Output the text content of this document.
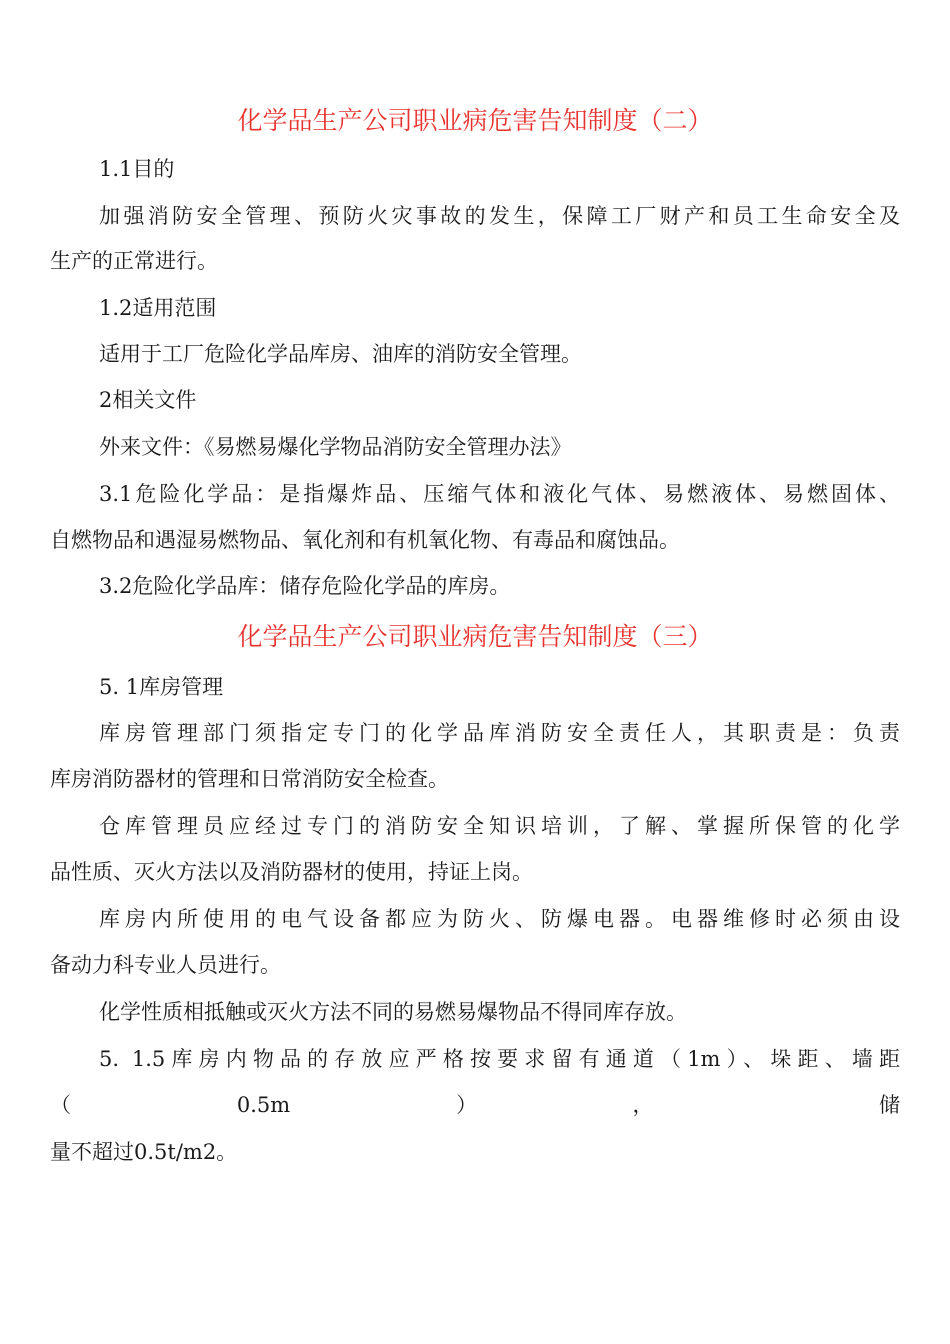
化学品生产公司职业病危害告知制度（二）
1.1目的
加强消防安全管理、预防火灾事故的发生，保障工厂财产和员工生命安全及
生产的正常进行。
1.2适用范围
适用于工厂危险化学品库房、油库的消防安全管理。
2相关文件
外来文件：《易燃易爆化学物品消防安全管理办法》
3.1危险化学品：是指爆炸品、压缩气体和液化气体、易燃液体、易燃固体、
自燃物品和遇湿易燃物品、氧化剂和有机氧化物、有毒品和腐蚀品。
3.2危险化学品库：储存危险化学品的库房。
化学品生产公司职业病危害告知制度（三）
5. 1库房管理
库房管理部门须指定专门的化学品库消防安全责任人，其职责是：负责
库房消防器材的管理和日常消防安全检查。
仓库管理员应经过专门的消防安全知识培训，了解、掌握所保管的化学
品性质、灭火方法以及消防器材的使用，持证上岗。
库房内所使用的电气设备都应为防火、防爆电器。电器维修时必须由设
备动力科专业人员进行。
化学性质相抵触或灭火方法不同的易燃易爆物品不得同库存放。
5. 1.5库房内物品的存放应严格按要求留有通道（1m）、垛距、墙距
（　　　　　　　0.5m　　　　　　　）　　　　　　　，　　　　　　　　　　储
量不超过0.5t/m2。
